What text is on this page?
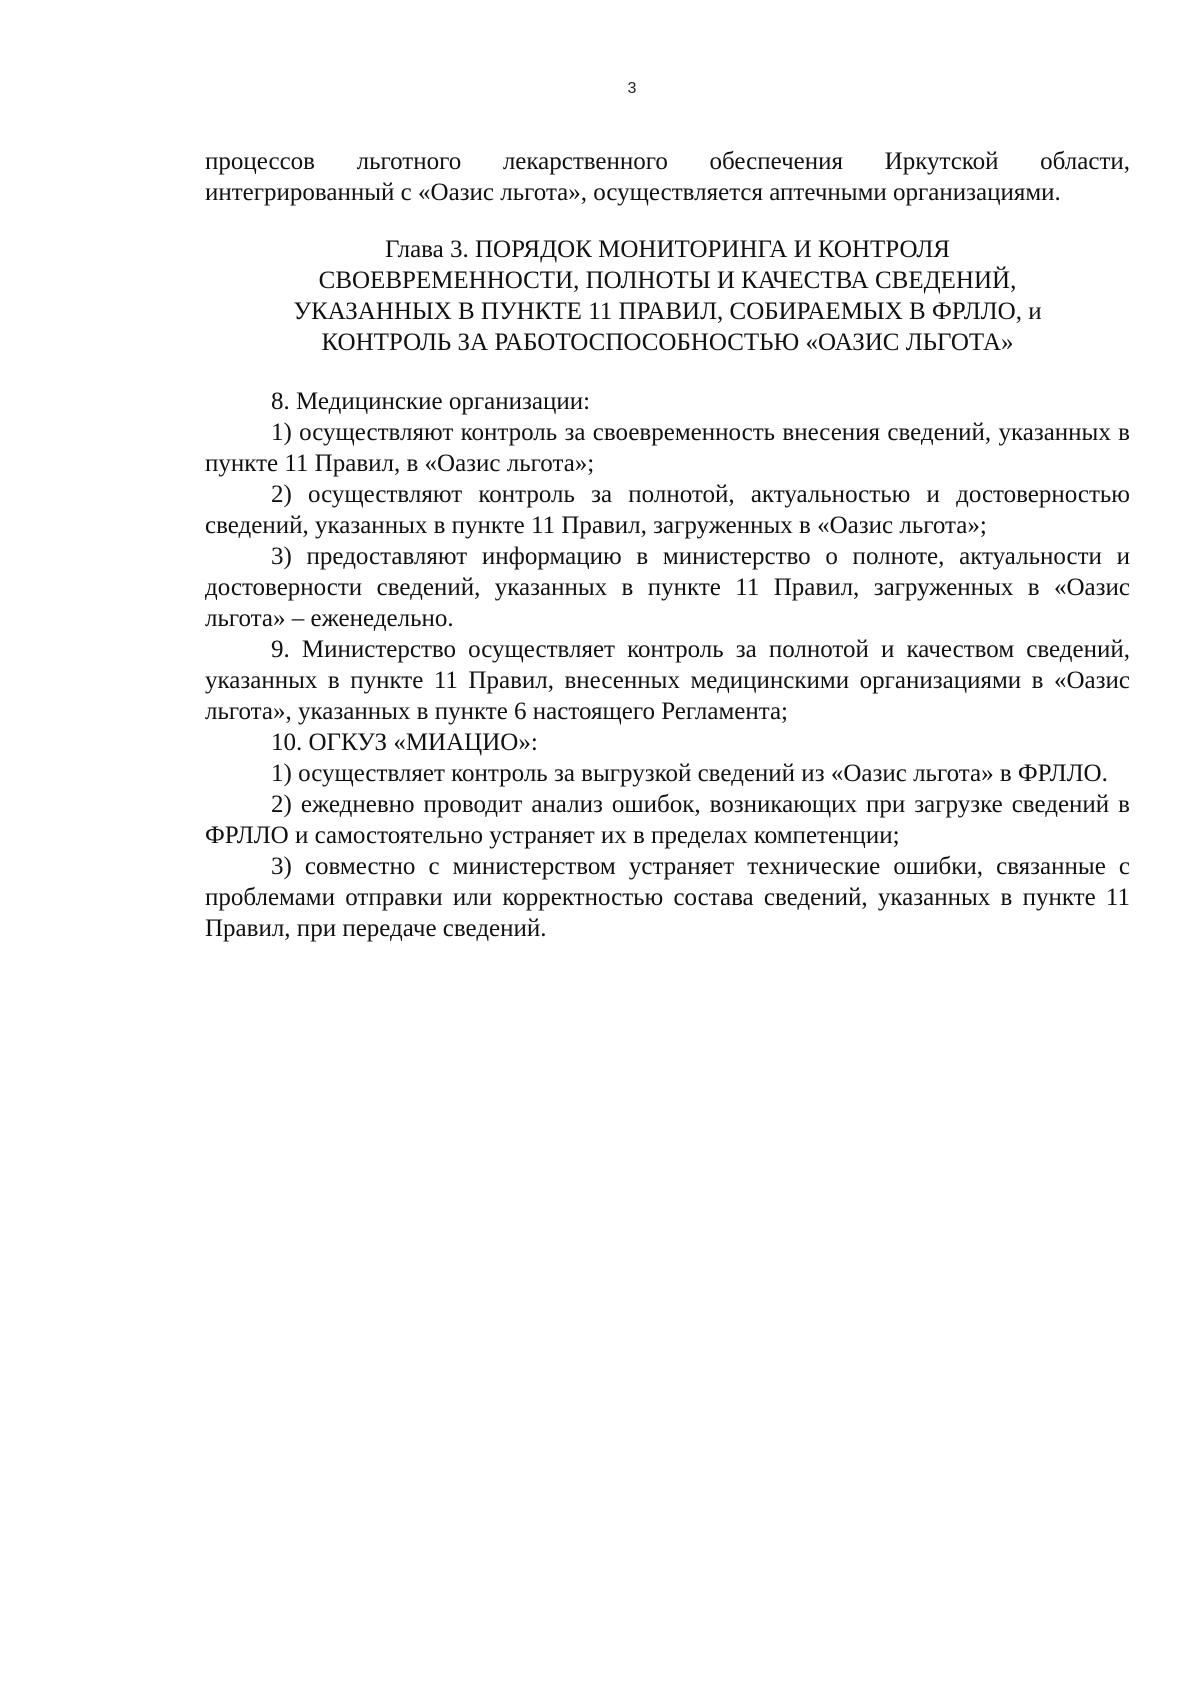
3

процессов льготного лекарственного обеспечения Иркутской области, интегрированный с «Оазис льгота», осуществляется аптечными организациями.

Глава 3. ПОРЯДОК МОНИТОРИНГА И КОНТРОЛЯ
СВОЕВРЕМЕННОСТИ, ПОЛНОТЫ И КАЧЕСТВА СВЕДЕНИЙ,
УКАЗАННЫХ В ПУНКТЕ 11 ПРАВИЛ, СОБИРАЕМЫХ В ФРЛЛО, и
КОНТРОЛЬ ЗА РАБОТОСПОСОБНОСТЬЮ «ОАЗИС ЛЬГОТА»

8. Медицинские организации:

1) осуществляют контроль за своевременность внесения сведений, указанных в пункте 11 Правил, в «Оазис льгота»;

2) осуществляют контроль за полнотой, актуальностью и достоверностью сведений, указанных в пункте 11 Правил, загруженных в «Оазис льгота»;

3) предоставляют информацию в министерство о полноте, актуальности и достоверности сведений, указанных в пункте 11 Правил, загруженных в «Оазис льгота» – еженедельно.

9. Министерство осуществляет контроль за полнотой и качеством сведений, указанных в пункте 11 Правил, внесенных медицинскими организациями в «Оазис льгота», указанных в пункте 6 настоящего Регламента;

10. ОГКУЗ «МИАЦИО»:

1) осуществляет контроль за выгрузкой сведений из «Оазис льгота» в ФРЛЛО.

2) ежедневно проводит анализ ошибок, возникающих при загрузке сведений в ФРЛЛО и самостоятельно устраняет их в пределах компетенции;

3) совместно с министерством устраняет технические ошибки, связанные с проблемами отправки или корректностью состава сведений, указанных в пункте 11 Правил, при передаче сведений.
